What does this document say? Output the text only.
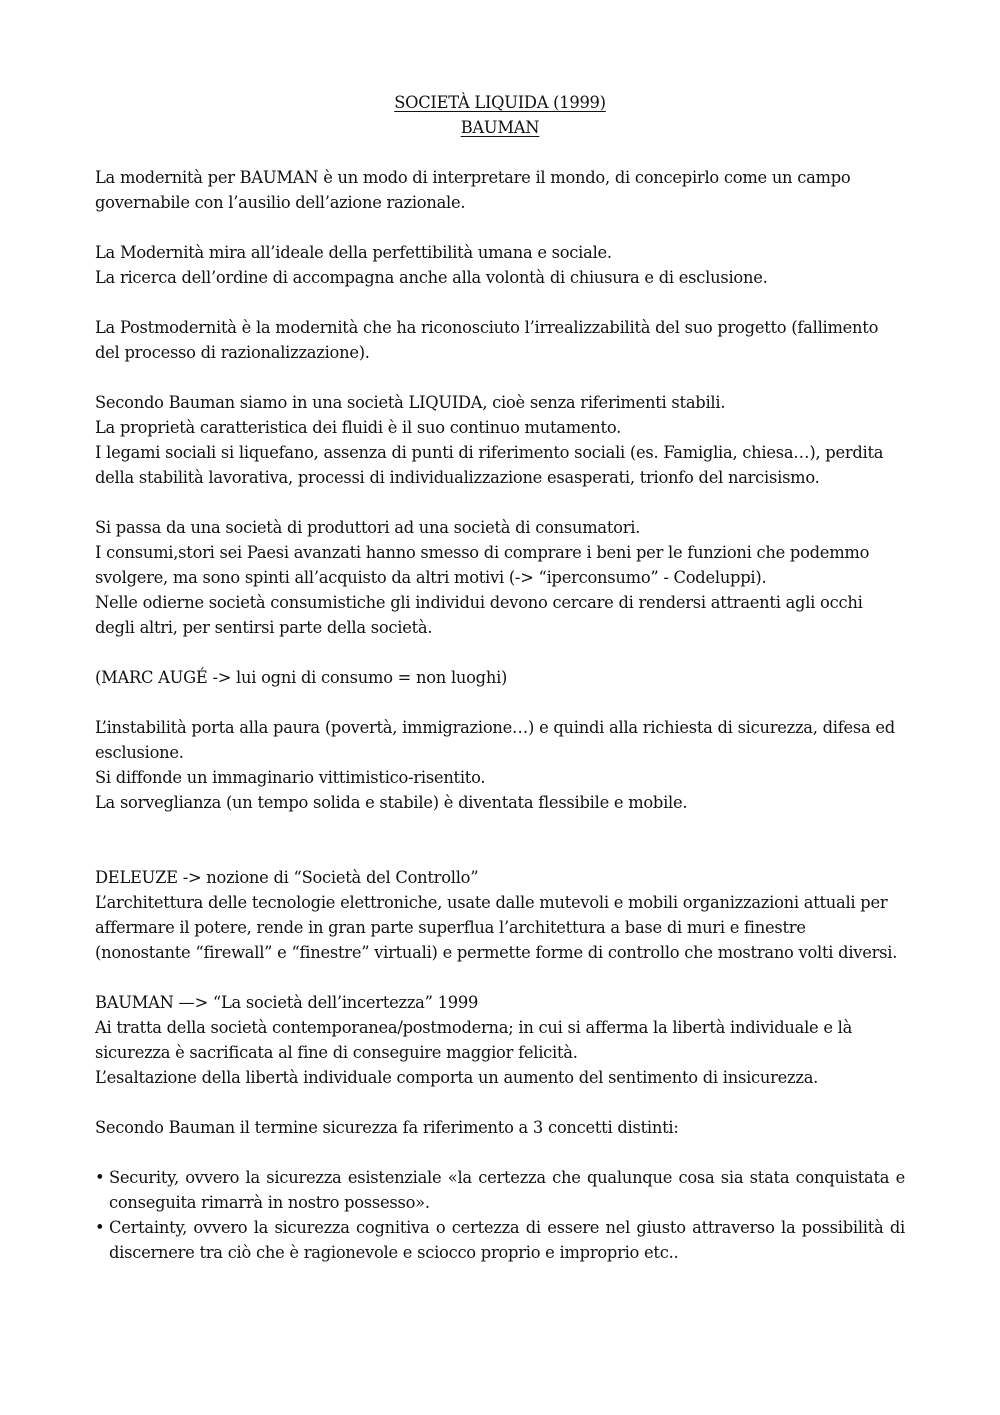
SOCIETÀ LIQUIDA (1999)
BAUMAN
La modernità per BAUMAN è un modo di interpretare il mondo, di concepirlo come un campo governabile con l’ausilio dell’azione razionale.
La Modernità mira all’ideale della perfettibilità umana e sociale.
La ricerca dell’ordine di accompagna anche alla volontà di chiusura e di esclusione.
La Postmodernità è la modernità che ha riconosciuto l’irrealizzabilità del suo progetto (fallimento del processo di razionalizzazione).
Secondo Bauman siamo in una società LIQUIDA, cioè senza riferimenti stabili.
La proprietà caratteristica dei fluidi è il suo continuo mutamento.
I legami sociali si liquefano, assenza di punti di riferimento sociali (es. Famiglia, chiesa…), perdita della stabilità lavorativa, processi di individualizzazione esasperati, trionfo del narcisismo.
Si passa da una società di produttori ad una società di consumatori.
I consumi,stori sei Paesi avanzati hanno smesso di comprare i beni per le funzioni che podemmo svolgere, ma sono spinti all’acquisto da altri motivi (-> “iperconsumo” - Codeluppi).
Nelle odierne società consumistiche gli individui devono cercare di rendersi attraenti agli occhi degli altri, per sentirsi parte della società.
(MARC AUGÉ -> lui ogni di consumo = non luoghi)
L’instabilità porta alla paura (povertà, immigrazione…) e quindi alla richiesta di sicurezza, difesa ed esclusione.
Si diffonde un immaginario vittimistico-risentito.
La sorveglianza (un tempo solida e stabile) è diventata flessibile e mobile.
DELEUZE -> nozione di “Società del Controllo”
L’architettura delle tecnologie elettroniche, usate dalle mutevoli e mobili organizzazioni attuali per affermare il potere, rende in gran parte superflua l’architettura a base di muri e finestre (nonostante “firewall” e “finestre” virtuali) e permette forme di controllo che mostrano volti diversi.
BAUMAN —> “La società dell’incertezza” 1999
Ai tratta della società contemporanea/postmoderna; in cui si afferma la libertà individuale e là sicurezza è sacrificata al fine di conseguire maggior felicità.
L’esaltazione della libertà individuale comporta un aumento del sentimento di insicurezza.
Secondo Bauman il termine sicurezza fa riferimento a 3 concetti distinti:
• Security, ovvero la sicurezza esistenziale «la certezza che qualunque cosa sia stata conquistata e conseguita rimarrà in nostro possesso».
• Certainty, ovvero la sicurezza cognitiva o certezza di essere nel giusto attraverso la possibilità di discernere tra ciò che è ragionevole e sciocco proprio e improprio etc..
